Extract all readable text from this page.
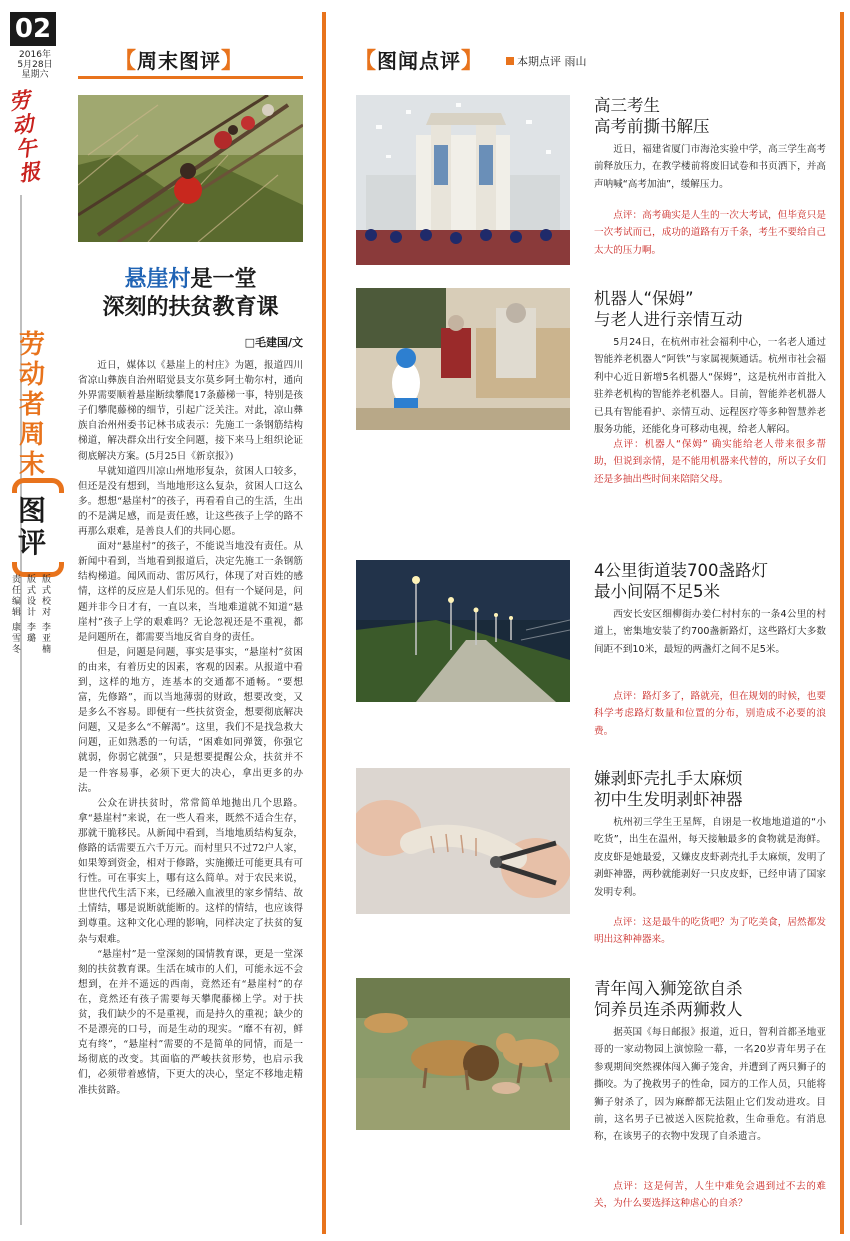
02
2016年
5月28日
星期六
劳动午报
劳动者周末
图评
责任编辑
康雪冬
版式设计
李璐
版式校对
李亚楠
【周末图评】
悬崖村是一堂
深刻的扶贫教育课
□毛建国/文

近日，媒体以《悬崖上的村庄》为题，报道四川省凉山彝族自治州昭觉县支尔莫乡阿土勒尔村，通向外界需要顺着悬崖断续攀爬17条藤梯一事，特别是孩子们攀爬藤梯的细节，引起广泛关注。对此，凉山彝族自治州州委书记林书成表示：先施工一条钢筋结构梯道，解决群众出行安全问题，接下来马上组织论证彻底解决方案。(5月25日《新京报》)

早就知道四川凉山州地形复杂，贫困人口较多，但还是没有想到，当地地形这么复杂，贫困人口这么多。想想“悬崖村”的孩子，再看看自己的生活，生出的不是满足感，而是责任感，让这些孩子上学的路不再那么艰难，是善良人们的共同心愿。

面对“悬崖村”的孩子，不能说当地没有责任。从新闻中看到，当地看到报道后，决定先施工一条钢筋结构梯道。闻风而动、雷厉风行，体现了对百姓的感情，这样的反应是人们乐见的。但有一个疑问是，问题并非今日才有，一直以来，当地难道就不知道“悬崖村”孩子上学的艰难吗？无论忽视还是不重视，都是问题所在，都需要当地反省自身的责任。

但是，问题是问题，事实是事实，“悬崖村”贫困的由来，有着历史的因素，客观的因素。从报道中看到，这样的地方，连基本的交通都不通畅。“要想富，先修路”，而以当地薄弱的财政，想要改变，又是多么不容易。即便有一些扶贫资金，想要彻底解决问题，又是多么“不解渴”。这里，我们不是找急救大问题，正如熟悉的一句话，“困难如同弹簧，你强它就弱，你弱它就强”，只是想要提醒公众，扶贫并不是一件容易事，必须下更大的决心，拿出更多的办法。

公众在讲扶贫时，常常简单地抛出几个思路。拿“悬崖村”来说，在一些人看来，既然不适合生存，那就干脆移民。从新闻中看到，当地地质结构复杂，修路的话需要五六千万元。而村里只不过72户人家，如果筹到资金，相对于修路，实施搬迁可能更具有可行性。可在事实上，哪有这么简单。对于农民来说，世世代代生活下来，已经融入血液里的家乡情结、故土情结，哪是说断就能断的。这样的情结，也应该得到尊重。这种文化心理的影响，同样决定了扶贫的复杂与艰难。

“悬崖村”是一堂深刻的国情教育课，更是一堂深刻的扶贫教育课。生活在城市的人们，可能永远不会想到，在并不遥远的西南，竟然还有“悬崖村”的存在，竟然还有孩子需要每天攀爬藤梯上学。对于扶贫，我们缺少的不是重视，而是持久的重视；缺少的不是漂亮的口号，而是生动的现实。“靡不有初，鲜克有终”，“悬崖村”需要的不是简单的同情，而是一场彻底的改变。其面临的严峻扶贫形势，也启示我们，必须带着感情，下更大的决心，坚定不移地走精准扶贫路。

【图闻点评】	本期点评 雨山
高三考生
高考前撕书解压

近日，福建省厦门市海沧实验中学，高三学生高考前释放压力，在教学楼前将废旧试卷和书页洒下，并高声呐喊“高考加油”，缓解压力。

点评：高考确实是人生的一次大考试，但毕竟只是一次考试而已，成功的道路有万千条，考生不要给自己太大的压力啊。

机器人“保姆”
与老人进行亲情互动

5月24日，在杭州市社会福利中心，一名老人通过智能养老机器人“阿铁”与家属视频通话。杭州市社会福利中心近日新增5名机器人“保姆”，这是杭州市首批入驻养老机构的智能养老机器人。目前，智能养老机器人已具有智能看护、亲情互动、远程医疗等多种智慧养老服务功能，还能化身可移动电视，给老人解闷。

点评：机器人“保姆” 确实能给老人带来很多帮助，但说到亲情，是不能用机器来代替的，所以子女们还是多抽出些时间来陪陪父母。

4公里街道装700盏路灯
最小间隔不足5米

西安长安区细柳街办姜仁村村东的一条4公里的村道上，密集地安装了约700盏新路灯，这些路灯大多数间距不到10米，最短的两盏灯之间不足5米。

点评：路灯多了，路就亮，但在规划的时候，也要科学考虑路灯数量和位置的分布，别造成不必要的浪费。

嫌剥虾壳扎手太麻烦
初中生发明剥虾神器

杭州初三学生王星辉，自诩是一枚地地道道的“小吃货”，出生在温州，每天接触最多的食物就是海鲜。皮皮虾是她最爱，又嫌皮皮虾剥壳扎手太麻烦，发明了剥虾神器，两秒就能剥好一只皮皮虾，已经申请了国家发明专利。

点评：这是最牛的吃货吧？为了吃美食，居然都发明出这种神器来。

青年闯入狮笼欲自杀
饲养员连杀两狮救人

据英国《每日邮报》报道，近日，智利首都圣地亚哥的一家动物园上演惊险一幕，一名20岁青年男子在参观期间突然裸体闯入狮子笼舍，并遭到了两只狮子的撕咬。为了挽救男子的性命，园方的工作人员，只能将狮子射杀了，因为麻醉都无法阻止它们发动进攻。目前，这名男子已被送入医院抢救，生命垂危。有消息称，在该男子的衣物中发现了自杀遗言。

点评：这是何苦，人生中难免会遇到过不去的难关，为什么要选择这种虐心的自杀？
